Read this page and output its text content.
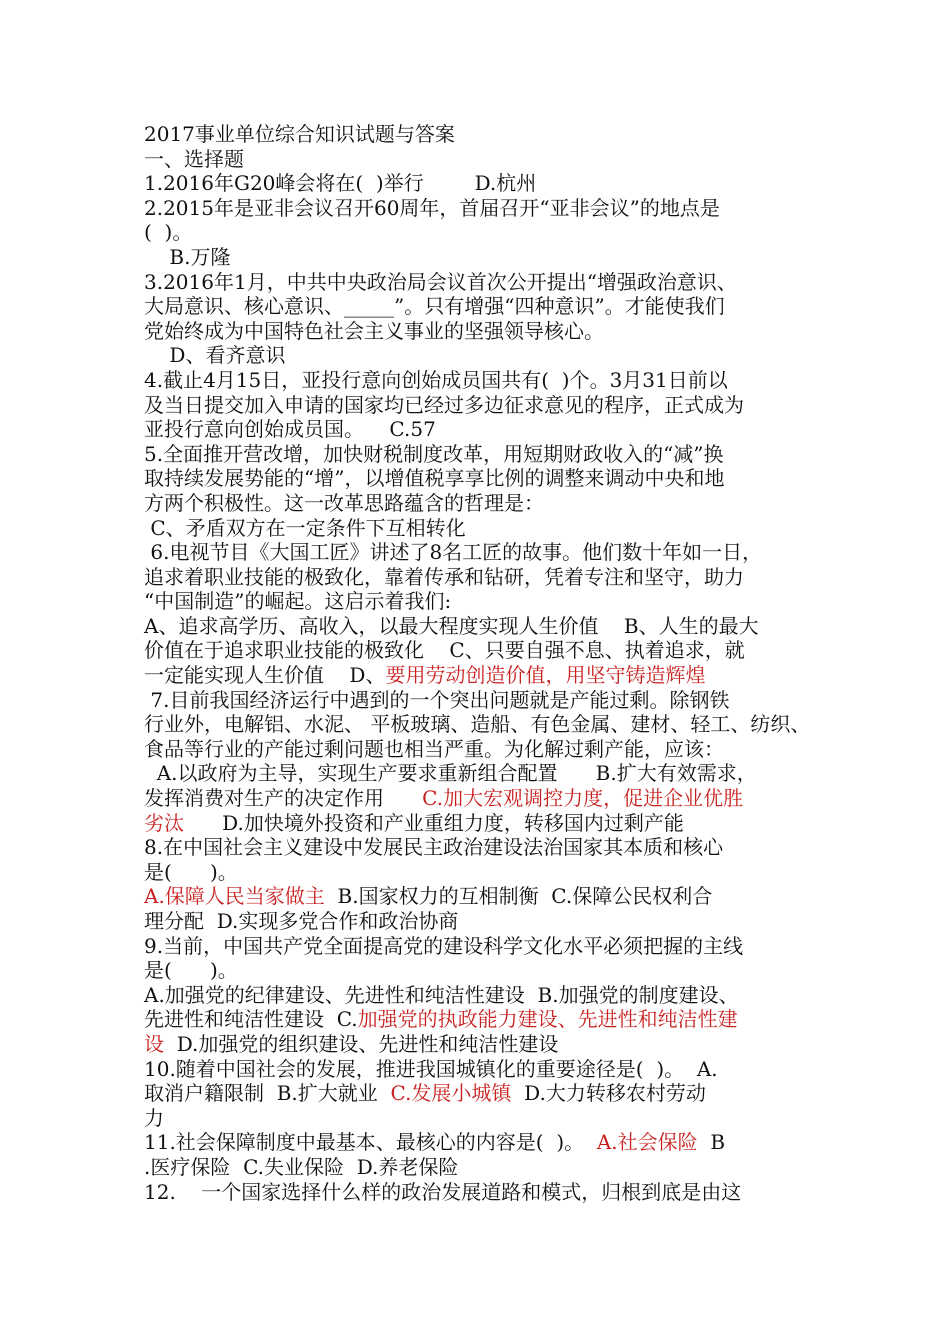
2017事业单位综合知识试题与答案
一、选择题
1.2016年G20峰会将在(  )举行        D.杭州
2.2015年是亚非会议召开60周年，首届召开“亚非会议”的地点是
(  )。
B.万隆
3.2016年1月，中共中央政治局会议首次公开提出“增强政治意识、
大局意识、核心意识、_____”。只有增强“四种意识”。才能使我们
党始终成为中国特色社会主义事业的坚强领导核心。
D、看齐意识
4.截止4月15日，亚投行意向创始成员国共有(  )个。3月31日前以
及当日提交加入申请的国家均已经过多边征求意见的程序，正式成为
亚投行意向创始成员国。    C.57
5.全面推开营改增，加快财税制度改革，用短期财政收入的“减”换
取持续发展势能的“增”，以增值税享享比例的调整来调动中央和地
方两个积极性。这一改革思路蕴含的哲理是：
C、矛盾双方在一定条件下互相转化
6.电视节目《大国工匠》讲述了8名工匠的故事。他们数十年如一日，
追求着职业技能的极致化，靠着传承和钻研，凭着专注和坚守，助力
“中国制造”的崛起。这启示着我们:
A、追求高学历、高收入，以最大程度实现人生价值    B、人生的最大
价值在于追求职业技能的极致化    C、只要自强不息、执着追求，就
一定能实现人生价值    D、要用劳动创造价值，用坚守铸造辉煌
7.目前我国经济运行中遇到的一个突出问题就是产能过剩。除钢铁
行业外，电解铝、水泥、 平板玻璃、造船、有色金属、建材、轻工、纺织、
食品等行业的产能过剩问题也相当严重。为化解过剩产能，应该：
A.以政府为主导，实现生产要求重新组合配置      B.扩大有效需求，
发挥消费对生产的决定作用      C.加大宏观调控力度，促进企业优胜
劣汰      D.加快境外投资和产业重组力度，转移国内过剩产能
8.在中国社会主义建设中发展民主政治建设法治国家其本质和核心
是(      )。
A.保障人民当家做主  B.国家权力的互相制衡  C.保障公民权利合
理分配  D.实现多党合作和政治协商
9.当前，中国共产党全面提高党的建设科学文化水平必须把握的主线
是(      )。
A.加强党的纪律建设、先进性和纯洁性建设  B.加强党的制度建设、
先进性和纯洁性建设  C.加强党的执政能力建设、先进性和纯洁性建
设  D.加强党的组织建设、先进性和纯洁性建设
10.随着中国社会的发展，推进我国城镇化的重要途径是(  )。  A.
取消户籍限制  B.扩大就业  C.发展小城镇  D.大力转移农村劳动
力
11.社会保障制度中最基本、最核心的内容是(  )。  A.社会保险  B
.医疗保险  C.失业保险  D.养老保险
12.    一个国家选择什么样的政治发展道路和模式，归根到底是由这
